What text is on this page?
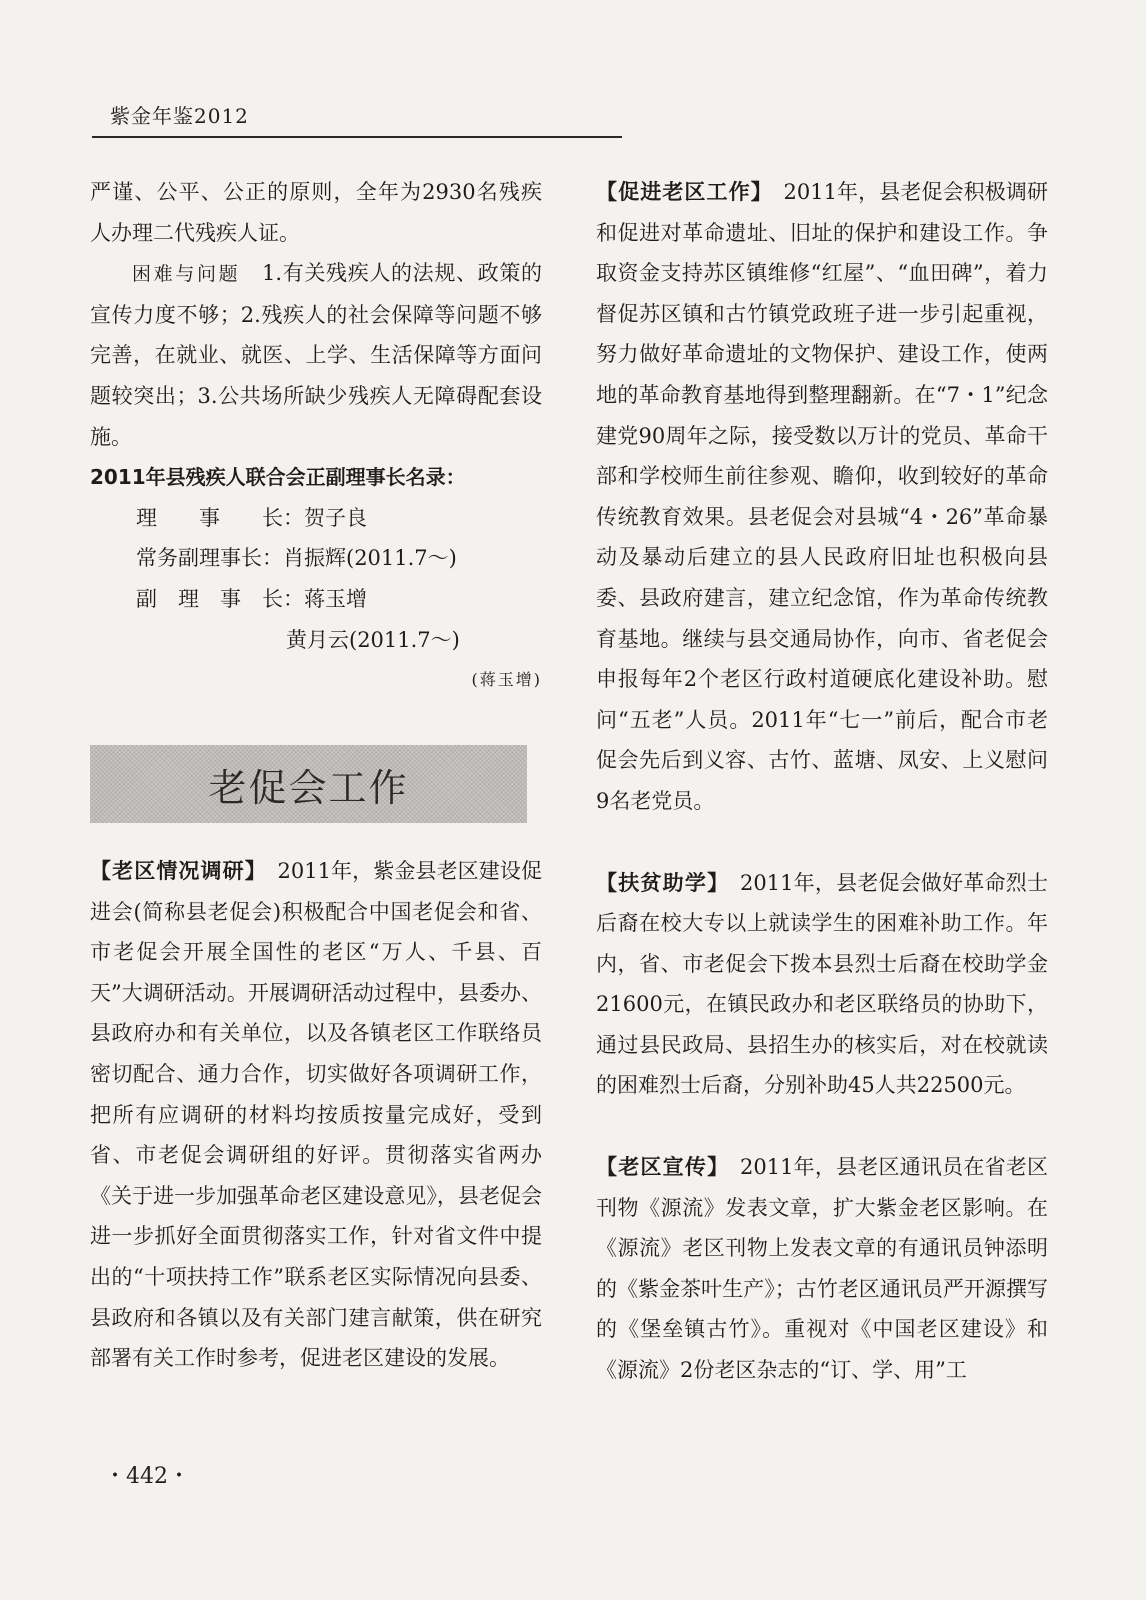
紫金年鉴2012

严谨、公平、公正的原则，全年为2930名残疾人办理二代残疾人证。

困难与问题　 1.有关残疾人的法规、政策的宣传力度不够；2.残疾人的社会保障等问题不够完善，在就业、就医、上学、生活保障等方面问题较突出；3.公共场所缺少残疾人无障碍配套设施。

2011年县残疾人联合会正副理事长名录：

理　　事　　长：贺子良

常务副理事长：肖振辉(2011.7～)

副　理　事　长：蒋玉增

黄月云(2011.7～)

(蒋玉增)

老促会工作

【老区情况调研】　 2011年，紫金县老区建设促进会(简称县老促会)积极配合中国老促会和省、市老促会开展全国性的老区“万人、千县、百天”大调研活动。开展调研活动过程中，县委办、县政府办和有关单位，以及各镇老区工作联络员密切配合、通力合作，切实做好各项调研工作，把所有应调研的材料均按质按量完成好，受到省、市老促会调研组的好评。贯彻落实省两办《关于进一步加强革命老区建设意见》，县老促会进一步抓好全面贯彻落实工作，针对省文件中提出的“十项扶持工作”联系老区实际情况向县委、县政府和各镇以及有关部门建言献策，供在研究部署有关工作时参考，促进老区建设的发展。

【促进老区工作】　 2011年，县老促会积极调研和促进对革命遗址、旧址的保护和建设工作。争取资金支持苏区镇维修“红屋”、“血田碑”，着力督促苏区镇和古竹镇党政班子进一步引起重视，努力做好革命遗址的文物保护、建设工作，使两地的革命教育基地得到整理翻新。在“7・1”纪念建党90周年之际，接受数以万计的党员、革命干部和学校师生前往参观、瞻仰，收到较好的革命传统教育效果。县老促会对县城“4・26”革命暴动及暴动后建立的县人民政府旧址也积极向县委、县政府建言，建立纪念馆，作为革命传统教育基地。继续与县交通局协作，向市、省老促会申报每年2个老区行政村道硬底化建设补助。慰问“五老”人员。2011年“七一”前后，配合市老促会先后到义容、古竹、蓝塘、凤安、上义慰问9名老党员。

【扶贫助学】　 2011年，县老促会做好革命烈士后裔在校大专以上就读学生的困难补助工作。年内，省、市老促会下拨本县烈士后裔在校助学金21600元，在镇民政办和老区联络员的协助下，通过县民政局、县招生办的核实后，对在校就读的困难烈士后裔，分别补助45人共22500元。

【老区宣传】　 2011年，县老区通讯员在省老区刊物《源流》发表文章，扩大紫金老区影响。在《源流》老区刊物上发表文章的有通讯员钟添明的《紫金茶叶生产》；古竹老区通讯员严开源撰写的《堡垒镇古竹》。重视对《中国老区建设》和《源流》2份老区杂志的“订、学、用”工

・442・
